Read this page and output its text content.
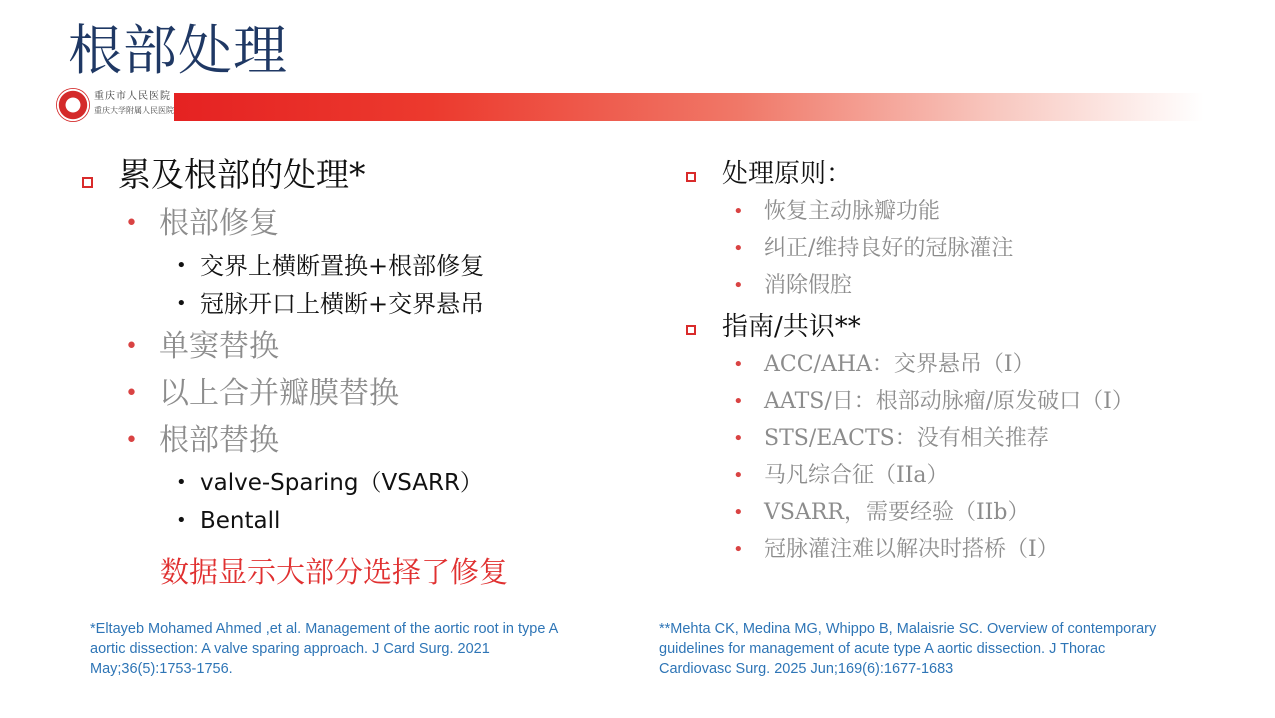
根部处理
重庆市人民医院
重庆大学附属人民医院
累及根部的处理*
• 根部修复
• 交界上横断置换+根部修复
• 冠脉开口上横断+交界悬吊
• 单窦替换
• 以上合并瓣膜替换
• 根部替换
• valve-Sparing（VSARR）
• Bentall
数据显示大部分选择了修复
处理原则：
• 恢复主动脉瓣功能
• 纠正/维持良好的冠脉灌注
• 消除假腔
指南/共识**
• ACC/AHA：交界悬吊（I）
• AATS/日：根部动脉瘤/原发破口（I）
• STS/EACTS：没有相关推荐
• 马凡综合征（IIa）
• VSARR，需要经验（IIb）
• 冠脉灌注难以解决时搭桥（I）
*Eltayeb Mohamed Ahmed ,et al. Management of the aortic root in type A
aortic dissection: A valve sparing approach. J Card Surg. 2021
May;36(5):1753-1756.
**Mehta CK, Medina MG, Whippo B, Malaisrie SC. Overview of contemporary
guidelines for management of acute type A aortic dissection. J Thorac
Cardiovasc Surg. 2025 Jun;169(6):1677-1683
